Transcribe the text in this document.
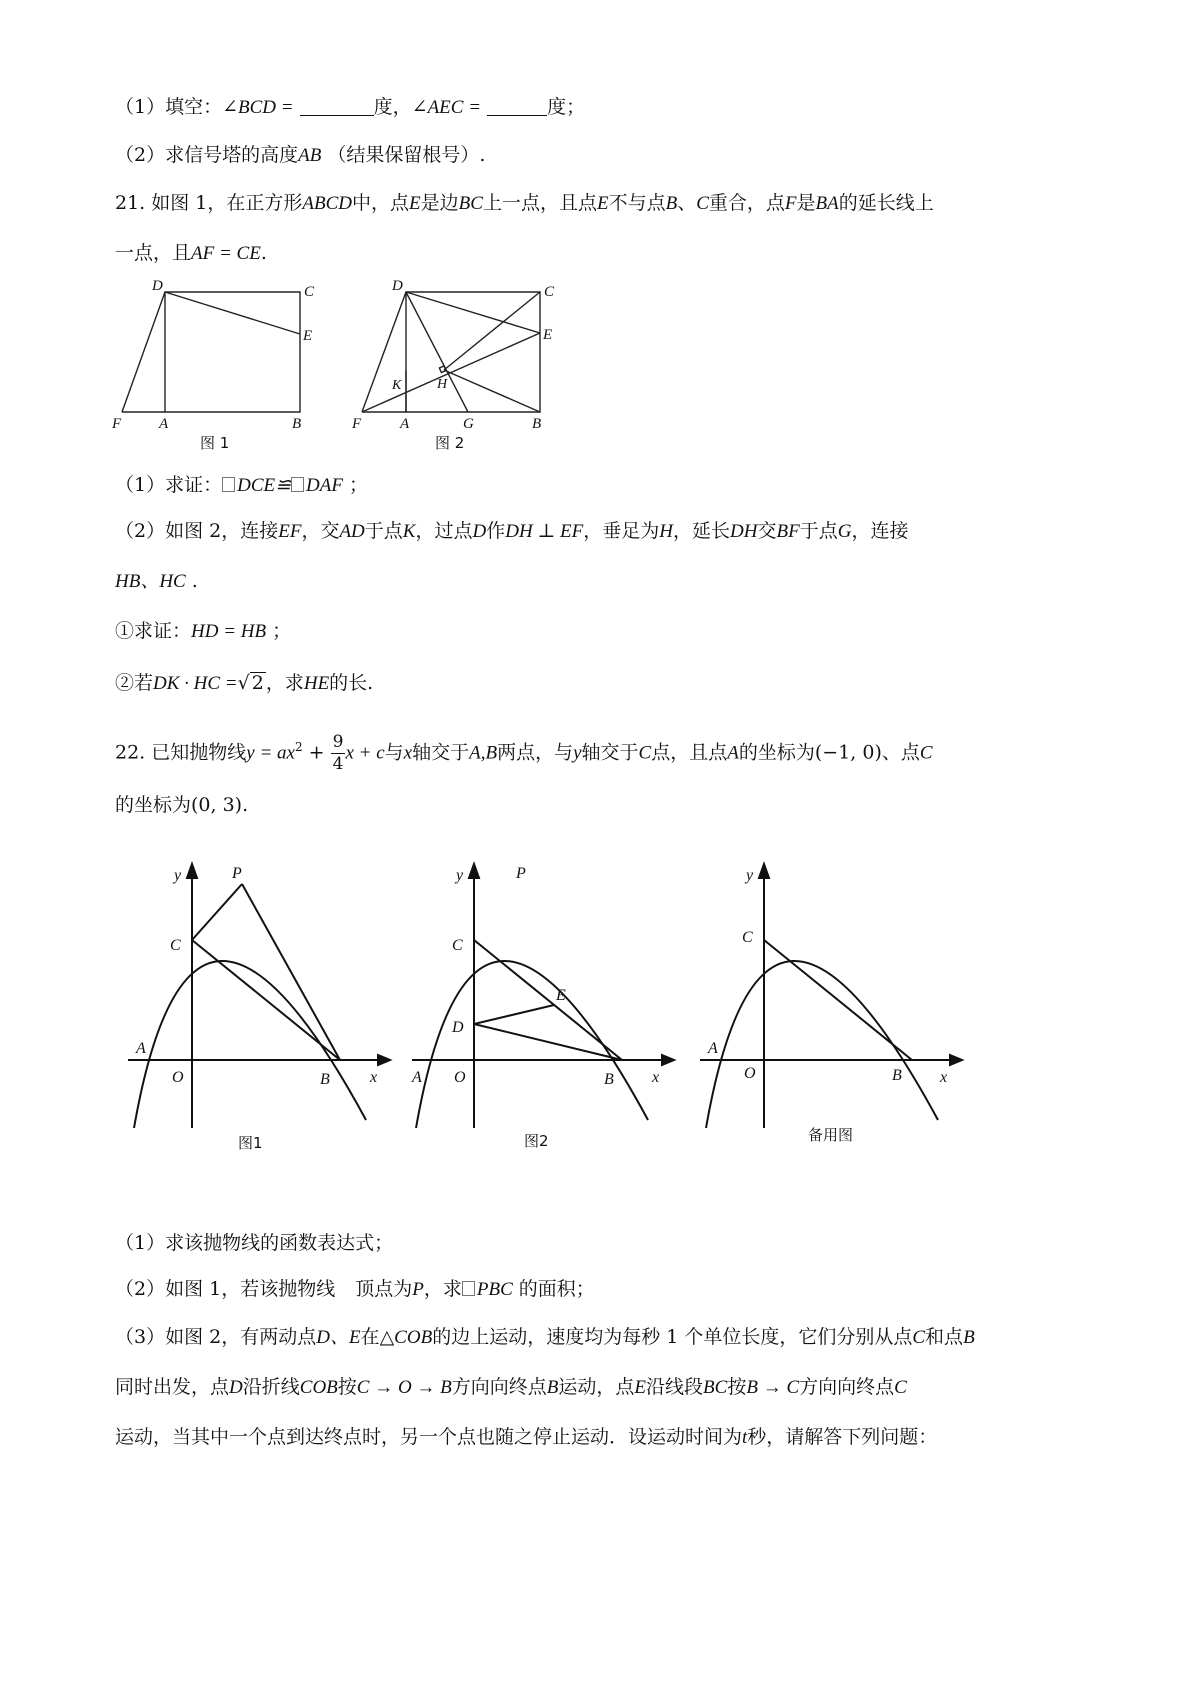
（1）填空：∠BCD =	度，∠AEC =	度；
（2）求信号塔的高度AB （结果保留根号）.
21. 如图 1，在正方形ABCD中，点E是边BC上一点，且点E不与点B、C重合，点F是BA的延长线上
一点，且AF = CE.
D	C
E
F	A	B
图 1
D	C
E
K	H
F	A	G	B
图 2
（1）求证： DCE≌ DAF ；
（2）如图 2，连接EF，交AD于点K，过点D作DH ⊥ EF，垂足为H，延长DH交BF于点G，连接
HB、HC .
①求证：HD = HB ；
②若DK · HC =√ 2 ，求HE的长.
22. 已知抛物线$y = ax^2 + \frac{9}{4}$ x + c与x轴交于A,B两点，与y轴交于C点，且点A的坐标为(−1, 0)、点C
的坐标为(0, 3).
y	P
C
A
O	B	x
图1
y	P
C
D
E
A O	B x
图2
y
C
A
O	B x
备用图
（1）求该抛物线的函数表达式；
（2）如图 1，若该抛物线 顶点为P，求 PBC 的面积；
（3）如图 2，有两动点D、E在△COB的边上运动，速度均为每秒 1 个单位长度，它们分别从点C和点B
同时出发，点D沿折线COB按C → O → B方向向终点B运动，点E沿线段BC按B → C方向向终点C
运动，当其中一个点到达终点时，另一个点也随之停止运动．设运动时间为t秒，请解答下列问题：
